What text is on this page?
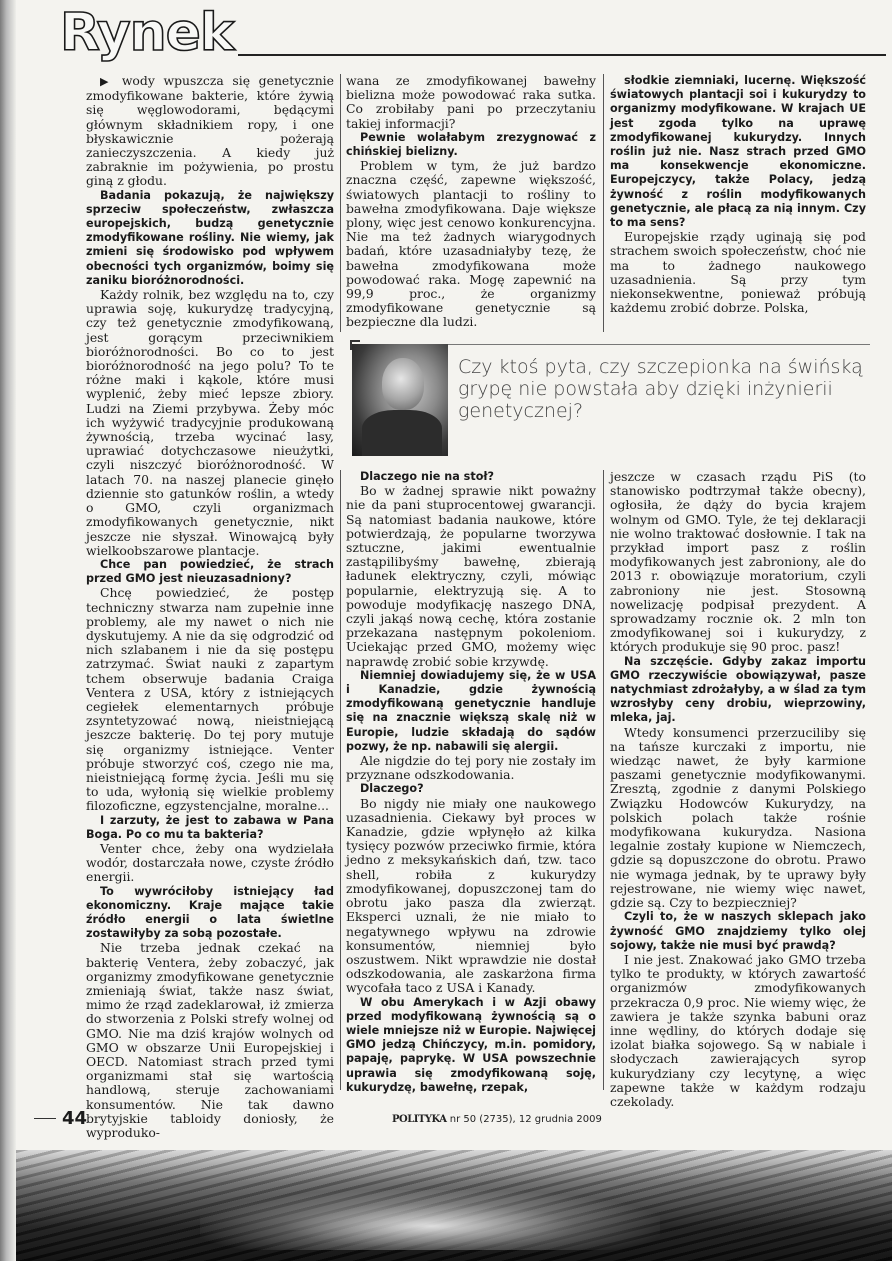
Rynek

▶ wody wpuszcza się genetycznie zmodyfikowane bakterie, które żywią się węglowodorami, będącymi głównym składnikiem ropy, i one błyskawicznie pożerają zanieczyszczenia. A kiedy już zabraknie im pożywienia, po prostu giną z głodu.

Badania pokazują, że największy sprzeciw społeczeństw, zwłaszcza europejskich, budzą genetycznie zmodyfikowane rośliny. Nie wiemy, jak zmieni się środowisko pod wpływem obecności tych organizmów, boimy się zaniku bioróżnorodności.

Każdy rolnik, bez względu na to, czy uprawia soję, kukurydzę tradycyjną, czy też genetycznie zmodyfikowaną, jest gorącym przeciwnikiem bioróżnorodności. Bo co to jest bioróżnorodność na jego polu? To te różne maki i kąkole, które musi wyplenić, żeby mieć lepsze zbiory. Ludzi na Ziemi przybywa. Żeby móc ich wyżywić tradycyjnie produkowaną żywnością, trzeba wycinać lasy, uprawiać dotychczasowe nieużytki, czyli niszczyć bioróżnorodność. W latach 70. na naszej planecie ginęło dziennie sto gatunków roślin, a wtedy o GMO, czyli organizmach zmodyfikowanych genetycznie, nikt jeszcze nie słyszał. Winowajcą były wielkoobszarowe plantacje.

Chce pan powiedzieć, że strach przed GMO jest nieuzasadniony?

Chcę powiedzieć, że postęp techniczny stwarza nam zupełnie inne problemy, ale my nawet o nich nie dyskutujemy. A nie da się odgrodzić od nich szlabanem i nie da się postępu zatrzymać. Świat nauki z zapartym tchem obserwuje badania Craiga Ventera z USA, który z istniejących cegiełek elementarnych próbuje zsyntetyzować nową, nieistniejącą jeszcze bakterię. Do tej pory mutuje się organizmy istniejące. Venter próbuje stworzyć coś, czego nie ma, nieistniejącą formę życia. Jeśli mu się to uda, wyłonią się wielkie problemy filozoficzne, egzystencjalne, moralne...

I zarzuty, że jest to zabawa w Pana Boga. Po co mu ta bakteria?

Venter chce, żeby ona wydzielała wodór, dostarczała nowe, czyste źródło energii.

To wywróciłoby istniejący ład ekonomiczny. Kraje mające takie źródło energii o lata świetlne zostawiłyby za sobą pozostałe.

Nie trzeba jednak czekać na bakterię Ventera, żeby zobaczyć, jak organizmy zmodyfikowane genetycznie zmieniają świat, także nasz świat, mimo że rząd zadeklarował, iż zmierza do stworzenia z Polski strefy wolnej od GMO. Nie ma dziś krajów wolnych od GMO w obszarze Unii Europejskiej i OECD. Natomiast strach przed tymi organizmami stał się wartością handlową, steruje zachowaniami konsumentów. Nie tak dawno brytyjskie tabloidy doniosły, że wyproduko-

wana ze zmodyfikowanej bawełny bielizna może powodować raka sutka. Co zrobiłaby pani po przeczytaniu takiej informacji?

Pewnie wolałabym zrezygnować z chińskiej bielizny.

Problem w tym, że już bardzo znaczna część, zapewne większość, światowych plantacji to rośliny to bawełna zmodyfikowana. Daje większe plony, więc jest cenowo konkurencyjna. Nie ma też żadnych wiarygodnych badań, które uzasadniałyby tezę, że bawełna zmodyfikowana może powodować raka. Mogę zapewnić na 99,9 proc., że organizmy zmodyfikowane genetycznie są bezpieczne dla ludzi.

słodkie ziemniaki, lucernę. Większość światowych plantacji soi i kukurydzy to organizmy modyfikowane. W krajach UE jest zgoda tylko na uprawę zmodyfikowanej kukurydzy. Innych roślin już nie. Nasz strach przed GMO ma konsekwencje ekonomiczne. Europejczycy, także Polacy, jedzą żywność z roślin modyfikowanych genetycznie, ale płacą za nią innym. Czy to ma sens?

Europejskie rządy uginają się pod strachem swoich społeczeństw, choć nie ma to żadnego naukowego uzasadnienia. Są przy tym niekonsekwentne, ponieważ próbują każdemu zrobić dobrze. Polska,

Czy ktoś pyta, czy szczepionka na świńską grypę nie powstała aby dzięki inżynierii genetycznej?

Dlaczego nie na stoł?

Bo w żadnej sprawie nikt poważny nie da pani stuprocentowej gwarancji. Są natomiast badania naukowe, które potwierdzają, że popularne tworzywa sztuczne, jakimi ewentualnie zastąpilibyśmy bawełnę, zbierają ładunek elektryczny, czyli, mówiąc popularnie, elektryzują się. A to powoduje modyfikację naszego DNA, czyli jakąś nową cechę, która zostanie przekazana następnym pokoleniom. Uciekając przed GMO, możemy więc naprawdę zrobić sobie krzywdę.

Niemniej dowiadujemy się, że w USA i Kanadzie, gdzie żywnością zmodyfikowaną genetycznie handluje się na znacznie większą skalę niż w Europie, ludzie składają do sądów pozwy, że np. nabawili się alergii.

Ale nigdzie do tej pory nie zostały im przyznane odszkodowania.

Dlaczego?

Bo nigdy nie miały one naukowego uzasadnienia. Ciekawy był proces w Kanadzie, gdzie wpłynęło aż kilka tysięcy pozwów przeciwko firmie, która jedno z meksykańskich dań, tzw. taco shell, robiła z kukurydzy zmodyfikowanej, dopuszczonej tam do obrotu jako pasza dla zwierząt. Eksperci uznali, że nie miało to negatywnego wpływu na zdrowie konsumentów, niemniej było oszustwem. Nikt wprawdzie nie dostał odszkodowania, ale zaskarżona firma wycofała taco z USA i Kanady.

W obu Amerykach i w Azji obawy przed modyfikowaną żywnością są o wiele mniejsze niż w Europie. Najwięcej GMO jedzą Chińczycy, m.in. pomidory, papaję, paprykę. W USA powszechnie uprawia się zmodyfikowaną soję, kukurydzę, bawełnę, rzepak,

jeszcze w czasach rządu PiS (to stanowisko podtrzymał także obecny), ogłosiła, że dąży do bycia krajem wolnym od GMO. Tyle, że tej deklaracji nie wolno traktować dosłownie. I tak na przykład import pasz z roślin modyfikowanych jest zabroniony, ale do 2013 r. obowiązuje moratorium, czyli zabroniony nie jest. Stosowną nowelizację podpisał prezydent. A sprowadzamy rocznie ok. 2 mln ton zmodyfikowanej soi i kukurydzy, z których produkuje się 90 proc. pasz!

Na szczęście. Gdyby zakaz importu GMO rzeczywiście obowiązywał, pasze natychmiast zdrożałyby, a w ślad za tym wzrosłyby ceny drobiu, wieprzowiny, mleka, jaj.

Wtedy konsumenci przerzuciliby się na tańsze kurczaki z importu, nie wiedząc nawet, że były karmione paszami genetycznie modyfikowanymi. Zresztą, zgodnie z danymi Polskiego Związku Hodowców Kukurydzy, na polskich polach także rośnie modyfikowana kukurydza. Nasiona legalnie zostały kupione w Niemczech, gdzie są dopuszczone do obrotu. Prawo nie wymaga jednak, by te uprawy były rejestrowane, nie wiemy więc nawet, gdzie są. Czy to bezpieczniej?

Czyli to, że w naszych sklepach jako żywność GMO znajdziemy tylko olej sojowy, także nie musi być prawdą?

I nie jest. Znakować jako GMO trzeba tylko te produkty, w których zawartość organizmów zmodyfikowanych przekracza 0,9 proc. Nie wiemy więc, że zawiera je także szynka babuni oraz inne wędliny, do których dodaje się izolat białka sojowego. Są w nabiale i słodyczach zawierających syrop kukurydziany czy lecytynę, a więc zapewne także w każdym rodzaju czekolady.

44	POLITYKA nr 50 (2735), 12 grudnia 2009
